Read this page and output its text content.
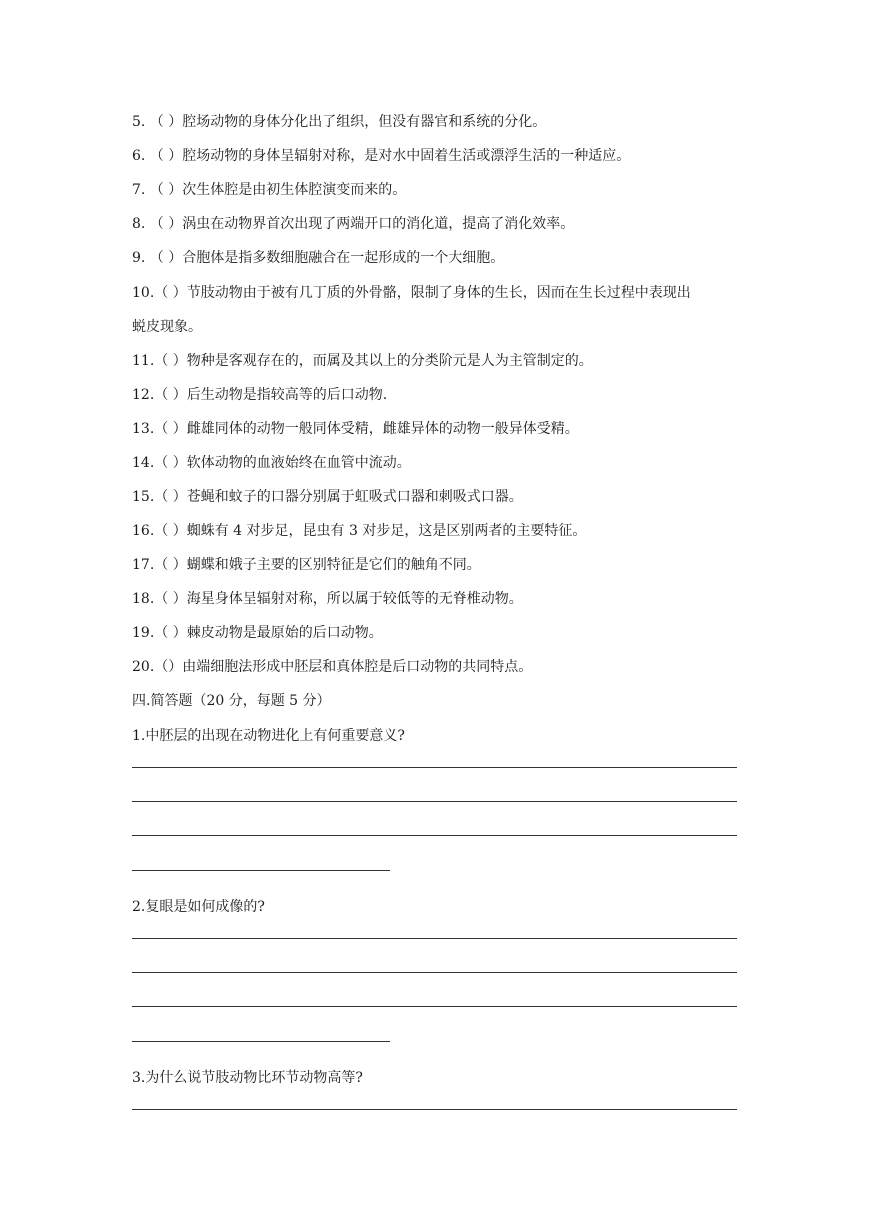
5. （ ）腔场动物的身体分化出了组织，但没有器官和系统的分化。
6. （ ）腔场动物的身体呈辐射对称，是对水中固着生活或漂浮生活的一种适应。
7. （ ）次生体腔是由初生体腔演变而来的。
8. （ ）涡虫在动物界首次出现了两端开口的消化道，提高了消化效率。
9. （ ）合胞体是指多数细胞融合在一起形成的一个大细胞。
10.（ ）节肢动物由于被有几丁质的外骨骼，限制了身体的生长，因而在生长过程中表现出
蜕皮现象。
11.（ ）物种是客观存在的，而属及其以上的分类阶元是人为主管制定的。
12.（ ）后生动物是指较高等的后口动物.
13.（ ）雌雄同体的动物一般同体受精，雌雄异体的动物一般异体受精。
14.（ ）软体动物的血液始终在血管中流动。
15.（ ）苍蝇和蚊子的口器分别属于虹吸式口器和刺吸式口器。
16.（ ）蜘蛛有 4 对步足，昆虫有 3 对步足，这是区别两者的主要特征。
17.（ ）蝴蝶和娥子主要的区别特征是它们的触角不同。
18.（ ）海星身体呈辐射对称，所以属于较低等的无脊椎动物。
19.（ ）棘皮动物是最原始的后口动物。
20.（）由端细胞法形成中胚层和真体腔是后口动物的共同特点。
四.简答题（20 分，每题 5 分）
1.中胚层的出现在动物进化上有何重要意义?
2.复眼是如何成像的?
3.为什么说节肢动物比环节动物高等?
